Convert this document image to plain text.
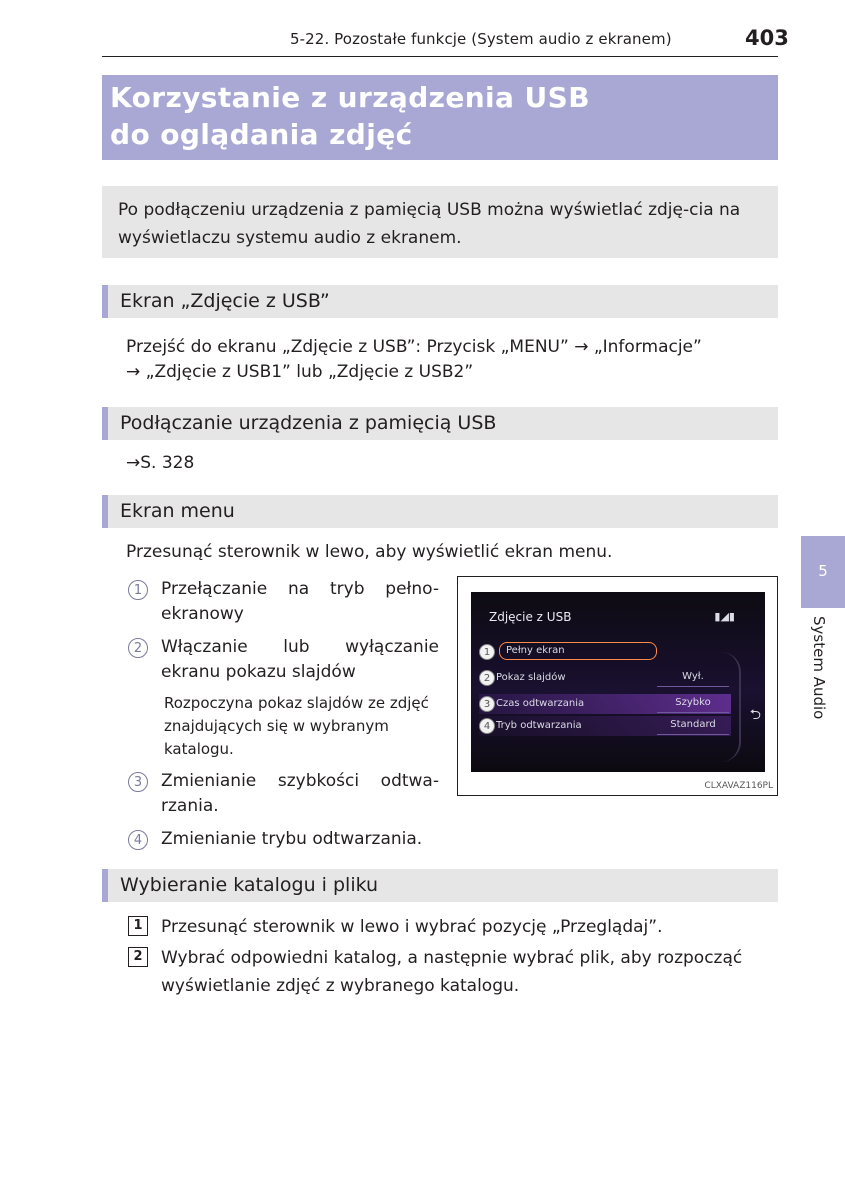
5-22. Pozostałe funkcje (System audio z ekranem)	403
Korzystanie z urządzenia USB
do oglądania zdjęć
Po podłączeniu urządzenia z pamięcią USB można wyświetlać zdję-cia na wyświetlaczu systemu audio z ekranem.
Ekran „Zdjęcie z USB”
Przejść do ekranu „Zdjęcie z USB”: Przycisk „MENU” → „Informacje”
→ „Zdjęcie z USB1” lub „Zdjęcie z USB2”
Podłączanie urządzenia z pamięcią USB
→S. 328
Ekran menu
Przesunąć sterownik w lewo, aby wyświetlić ekran menu.
1	Przełączanie na tryb pełno-ekranowy
2	Włączanie lub wyłączanie ekranu pokazu slajdów
Rozpoczyna pokaz slajdów ze zdjęć znajdujących się w wybranym katalogu.
3	Zmienianie szybkości odtwa-rzania.
4	Zmienianie trybu odtwarzania.
Zdjęcie z USB	▮◢▮
1	Pełny ekran
2 Pokaz slajdów	Wył.
3 Czas odtwarzania	Szybko
4 Tryb odtwarzania	Standard
⮌
CLXAVAZ116PL
Wybieranie katalogu i pliku
1	Przesunąć sterownik w lewo i wybrać pozycję „Przeglądaj”.
2	Wybrać odpowiedni katalog, a następnie wybrać plik, aby rozpocząć wyświetlanie zdjęć z wybranego katalogu.
5
System Audio
